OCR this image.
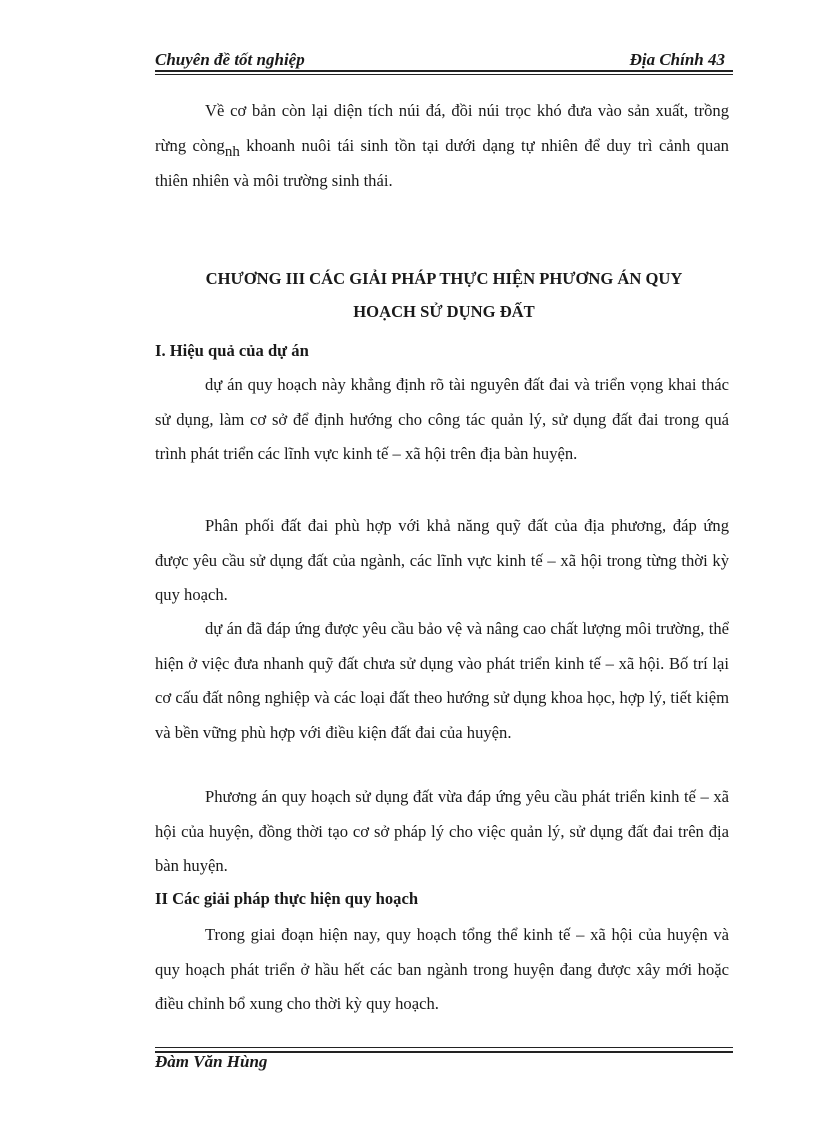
Chuyên đề tốt nghiệp	Địa Chính 43

Về cơ bản còn lại diện tích núi đá, đồi núi trọc khó đưa vào sản xuất, trồng rừng còngnh khoanh nuôi tái sinh tồn tại dưới dạng tự nhiên để duy trì cảnh quan thiên nhiên và môi trường sinh thái.

CHƯƠNG III CÁC GIẢI PHÁP THỰC HIỆN PHƯƠNG ÁN QUY

HOẠCH SỬ DỤNG ĐẤT

I. Hiệu quả của dự án

dự án quy hoạch này khẳng định rõ tài nguyên đất đai và triển vọng khai thác sử dụng, làm cơ sở để định hướng cho công tác quản lý, sử dụng đất đai trong quá trình phát triển các lĩnh vực kinh tế – xã hội trên địa bàn huyện.

Phân phối đất đai phù hợp với khả năng quỹ đất của địa phương, đáp ứng được yêu cầu sử dụng đất của ngành, các lĩnh vực kinh tế – xã hội trong từng thời kỳ quy hoạch.

dự án đã đáp ứng được yêu cầu bảo vệ và nâng cao chất lượng môi trường, thể hiện ở việc đưa nhanh quỹ đất chưa sử dụng vào phát triển kinh tế – xã hội. Bố trí lại cơ cấu đất nông nghiệp và các loại đất theo hướng sử dụng khoa học, hợp lý, tiết kiệm và bền vững phù hợp với điều kiện đất đai của huyện.

Phương án quy hoạch sử dụng đất vừa đáp ứng yêu cầu phát triển kinh tế – xã hội của huyện, đồng thời tạo cơ sở pháp lý cho việc quản lý, sử dụng đất đai trên địa bàn huyện.

II Các giải pháp thực hiện quy hoạch

Trong giai đoạn hiện nay, quy hoạch tổng thể kinh tế – xã hội của huyện và quy hoạch phát triển ở hầu hết các ban ngành trong huyện đang được xây mới hoặc điều chỉnh bổ xung cho thời kỳ quy hoạch.

Đàm Văn Hùng
